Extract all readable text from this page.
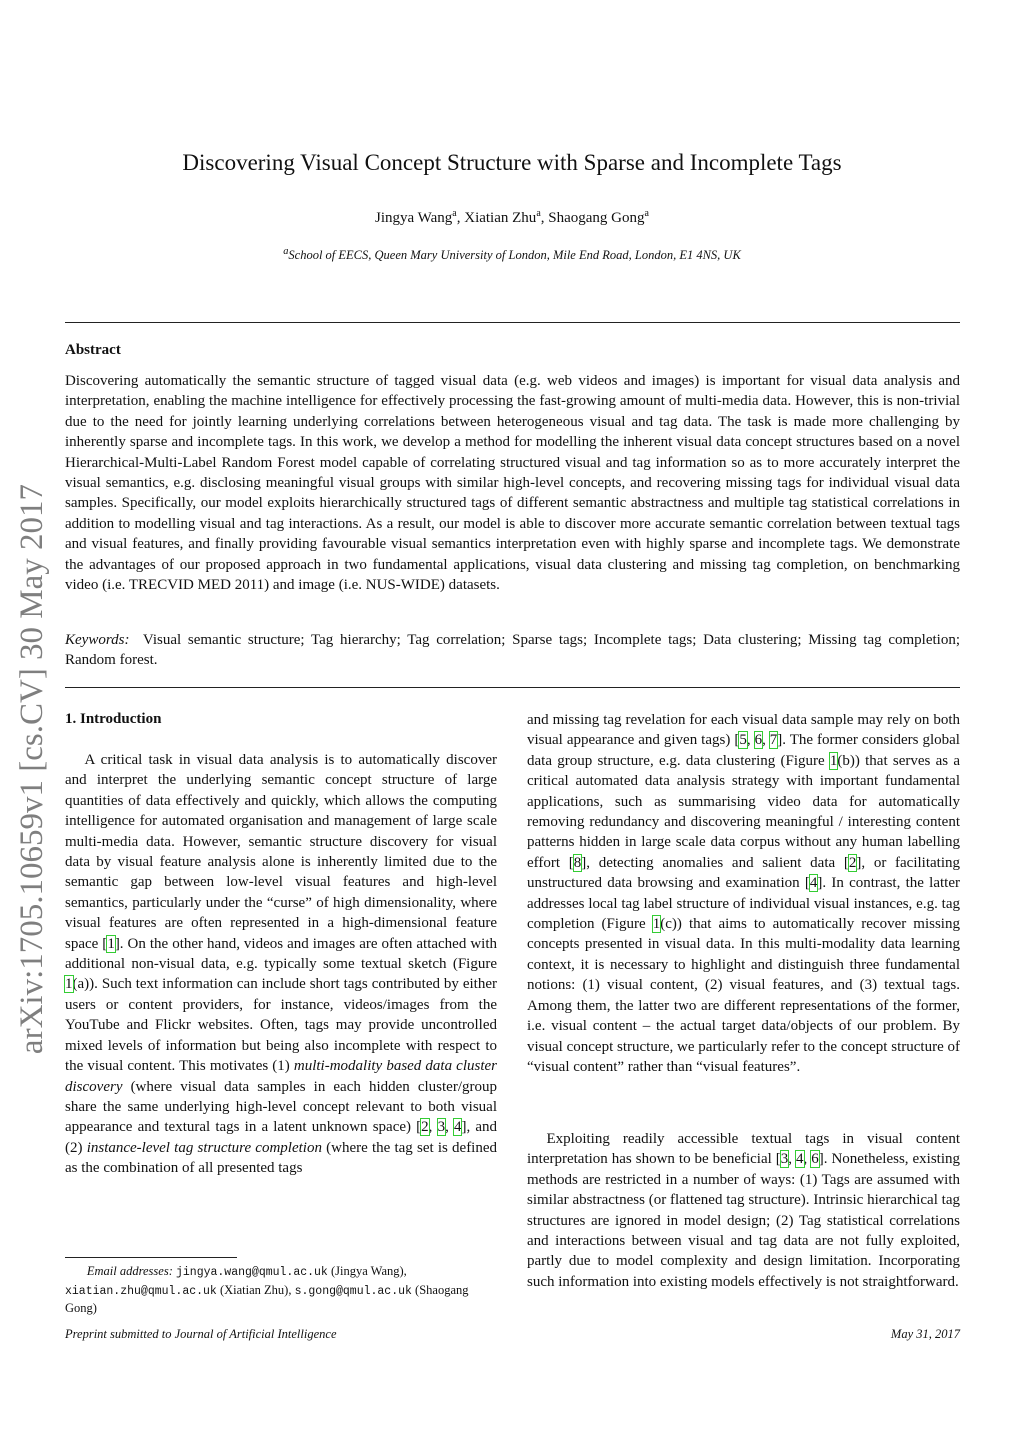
Discovering Visual Concept Structure with Sparse and Incomplete Tags
Jingya Wang$^a$, Xiatian Zhu$^a$, Shaogang Gong$^a$
$^a$School of EECS, Queen Mary University of London, Mile End Road, London, E1 4NS, UK
Abstract
Discovering automatically the semantic structure of tagged visual data (e.g. web videos and images) is important for visual data analysis and interpretation, enabling the machine intelligence for effectively processing the fast-growing amount of multi-media data. However, this is non-trivial due to the need for jointly learning underlying correlations between heterogeneous visual and tag data. The task is made more challenging by inherently sparse and incomplete tags. In this work, we develop a method for modelling the inherent visual data concept structures based on a novel Hierarchical-Multi-Label Random Forest model capable of correlating structured visual and tag information so as to more accurately interpret the visual semantics, e.g. disclosing meaningful visual groups with similar high-level concepts, and recovering missing tags for individual visual data samples. Specifically, our model exploits hierarchically structured tags of different semantic abstractness and multiple tag statistical correlations in addition to modelling visual and tag interactions. As a result, our model is able to discover more accurate semantic correlation between textual tags and visual features, and finally providing favourable visual semantics interpretation even with highly sparse and incomplete tags. We demonstrate the advantages of our proposed approach in two fundamental applications, visual data clustering and missing tag completion, on benchmarking video (i.e. TRECVID MED 2011) and image (i.e. NUS-WIDE) datasets.
Keywords: Visual semantic structure; Tag hierarchy; Tag correlation; Sparse tags; Incomplete tags; Data clustering; Missing tag completion; Random forest.
1. Introduction
A critical task in visual data analysis is to automatically discover and interpret the underlying semantic concept structure of large quantities of data effectively and quickly, which allows the computing intelligence for automated organisation and management of large scale multi-media data. However, semantic structure discovery for visual data by visual feature analysis alone is inherently limited due to the semantic gap between low-level visual features and high-level semantics, particularly under the “curse” of high dimensionality, where visual features are often represented in a high-dimensional feature space [1]. On the other hand, videos and images are often attached with additional non-visual data, e.g. typically some textual sketch (Figure 1(a)). Such text information can include short tags contributed by either users or content providers, for instance, videos/images from the YouTube and Flickr websites. Often, tags may provide uncontrolled mixed levels of information but being also incomplete with respect to the visual content. This motivates (1) multi-modality based data cluster discovery (where visual data samples in each hidden cluster/group share the same underlying high-level concept relevant to both visual appearance and textural tags in a latent unknown space) [2, 3, 4], and (2) instance-level tag structure completion (where the tag set is defined as the combination of all presented tags
and missing tag revelation for each visual data sample may rely on both visual appearance and given tags) [5, 6, 7]. The former considers global data group structure, e.g. data clustering (Figure 1(b)) that serves as a critical automated data analysis strategy with important fundamental applications, such as summarising video data for automatically removing redundancy and discovering meaningful / interesting content patterns hidden in large scale data corpus without any human labelling effort [8], detecting anomalies and salient data [2], or facilitating unstructured data browsing and examination [4]. In contrast, the latter addresses local tag label structure of individual visual instances, e.g. tag completion (Figure 1(c)) that aims to automatically recover missing concepts presented in visual data. In this multi-modality data learning context, it is necessary to highlight and distinguish three fundamental notions: (1) visual content, (2) visual features, and (3) textual tags. Among them, the latter two are different representations of the former, i.e. visual content – the actual target data/objects of our problem. By visual concept structure, we particularly refer to the concept structure of “visual content” rather than “visual features”.
Exploiting readily accessible textual tags in visual content interpretation has shown to be beneficial [3, 4, 6]. Nonetheless, existing methods are restricted in a number of ways: (1) Tags are assumed with similar abstractness (or flattened tag structure). Intrinsic hierarchical tag structures are ignored in model design; (2) Tag statistical correlations and interactions between visual and tag data are not fully exploited, partly due to model complexity and design limitation. Incorporating such information into existing models effectively is not straightforward.
Email addresses: jingya.wang@qmul.ac.uk (Jingya Wang), xiatian.zhu@qmul.ac.uk (Xiatian Zhu), s.gong@qmul.ac.uk (Shaogang Gong)
Preprint submitted to Journal of Artificial Intelligence	May 31, 2017
arXiv:1705.10659v1 [cs.CV] 30 May 2017
